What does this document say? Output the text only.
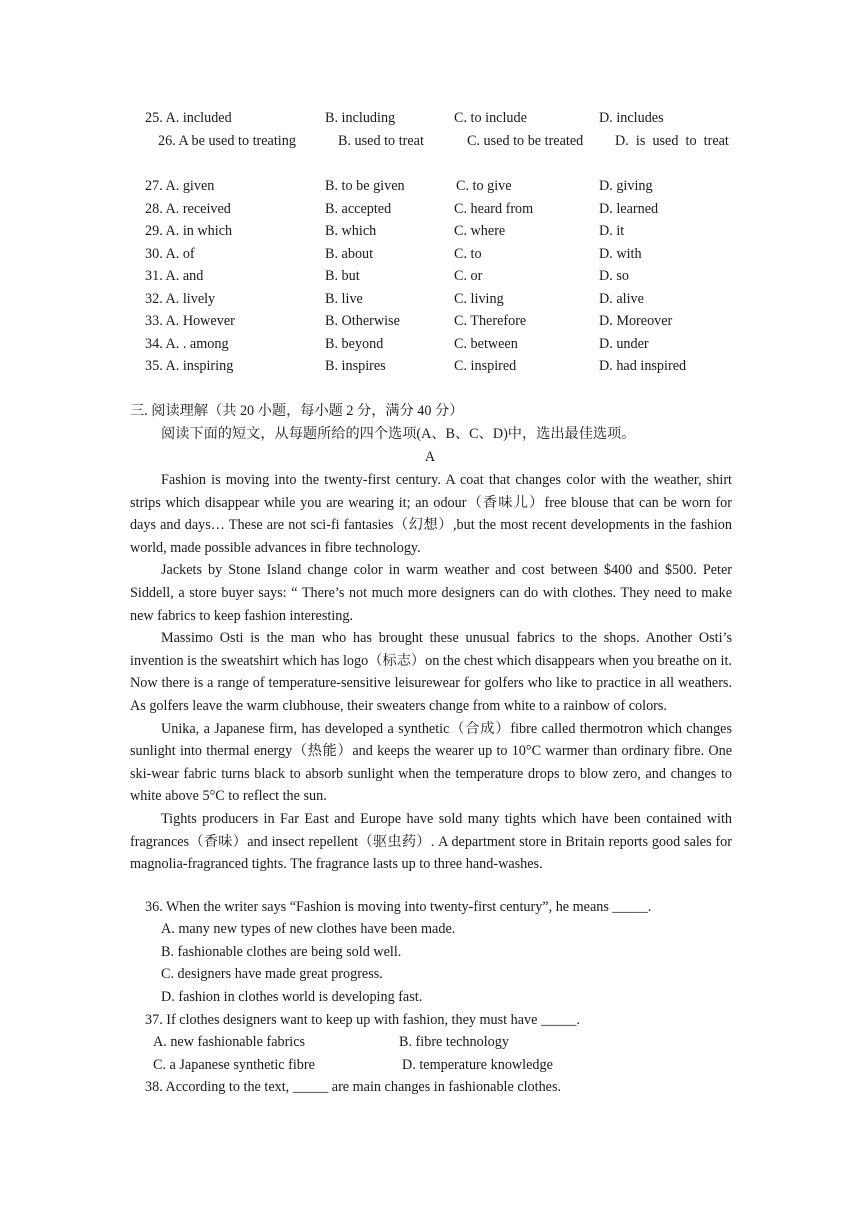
25. A. included	B. including	C. to include	D. includes
26. A be used to treating	B. used to treat	C. used to be treated D.  is  used  to  treat
27. A. given	B. to be given	C. to give	D. giving
28. A. received	B. accepted	C. heard from	D. learned
29. A. in which	B. which	C. where	D. it
30. A. of	B. about	C. to	D. with
31. A. and	B. but	C. or	D. so
32. A. lively	B. live	C. living	D. alive
33. A. However	B. Otherwise	C. Therefore	D. Moreover
34. A. . among	B. beyond	C. between	D. under
35. A. inspiring	B. inspires	C. inspired	D. had inspired
三. 阅读理解（共 20 小题，每小题 2 分，满分 40 分）
阅读下面的短文，从每题所给的四个选项(A、B、C、D)中，选出最佳选项。
A

Fashion is moving into the twenty-first century. A coat that changes color with the weather, shirt strips which disappear while you are wearing it; an odour（香味儿）free blouse that can be worn for days and days… These are not sci-fi fantasies（幻想）,but the most recent developments in the fashion world, made possible advances in fibre technology.

Jackets by Stone Island change color in warm weather and cost between $400 and $500. Peter Siddell, a store buyer says: “ There’s not much more designers can do with clothes. They need to make new fabrics to keep fashion interesting.

Massimo Osti is the man who has brought these unusual fabrics to the shops. Another Osti’s invention is the sweatshirt which has logo（标志）on the chest which disappears when you breathe on it. Now there is a range of temperature-sensitive leisurewear for golfers who like to practice in all weathers. As golfers leave the warm clubhouse, their sweaters change from white to a rainbow of colors.

Unika, a Japanese firm, has developed a synthetic（合成）fibre called thermotron which changes sunlight into thermal energy（热能）and keeps the wearer up to 10°C warmer than ordinary fibre. One ski-wear fabric turns black to absorb sunlight when the temperature drops to blow zero, and changes to white above 5°C to reflect the sun.

Tights producers in Far East and Europe have sold many tights which have been contained with fragrances（香味）and insect repellent（驱虫药）. A department store in Britain reports good sales for magnolia-fragranced tights. The fragrance lasts up to three hand-washes.

36. When the writer says “Fashion is moving into twenty-first century”, he means _____.
A. many new types of new clothes have been made.
B. fashionable clothes are being sold well.
C. designers have made great progress.
D. fashion in clothes world is developing fast.
37. If clothes designers want to keep up with fashion, they must have _____.
A. new fashionable fabrics	B. fibre technology
C. a Japanese synthetic fibre	D. temperature knowledge
38. According to the text, _____ are main changes in fashionable clothes.
